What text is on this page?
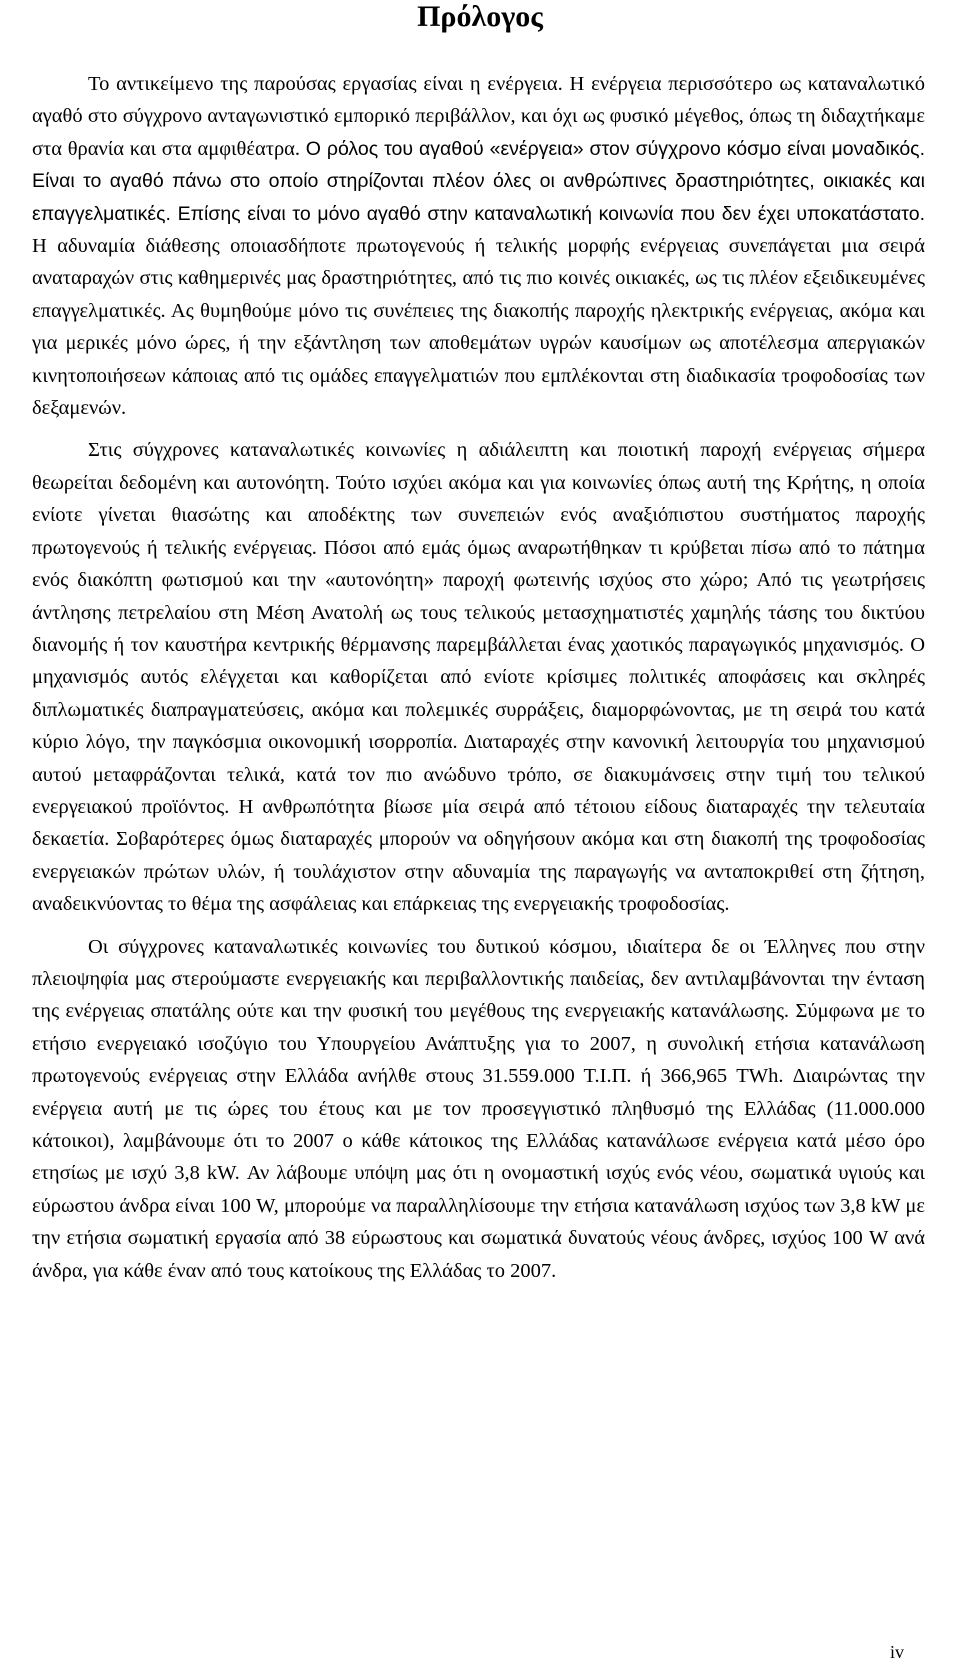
Πρόλογος

Το αντικείμενο της παρούσας εργασίας είναι η ενέργεια. Η ενέργεια περισσότερο ως καταναλωτικό αγαθό στο σύγχρονο ανταγωνιστικό εμπορικό περιβάλλον, και όχι ως φυσικό μέγεθος, όπως τη διδαχτήκαμε στα θρανία και στα αμφιθέατρα. Ο ρόλος του αγαθού «ενέργεια» στον σύγχρονο κόσμο είναι μοναδικός. Είναι το αγαθό πάνω στο οποίο στηρίζονται πλέον όλες οι ανθρώπινες δραστηριότητες, οικιακές και επαγγελματικές. Επίσης είναι το μόνο αγαθό στην καταναλωτική κοινωνία που δεν έχει υποκατάστατο. Η αδυναμία διάθεσης οποιασδήποτε πρωτογενούς ή τελικής μορφής ενέργειας συνεπάγεται μια σειρά αναταραχών στις καθημερινές μας δραστηριότητες, από τις πιο κοινές οικιακές, ως τις πλέον εξειδικευμένες επαγγελματικές. Ας θυμηθούμε μόνο τις συνέπειες της διακοπής παροχής ηλεκτρικής ενέργειας, ακόμα και για μερικές μόνο ώρες, ή την εξάντληση των αποθεμάτων υγρών καυσίμων ως αποτέλεσμα απεργιακών κινητοποιήσεων κάποιας από τις ομάδες επαγγελματιών που εμπλέκονται στη διαδικασία τροφοδοσίας των δεξαμενών.

Στις σύγχρονες καταναλωτικές κοινωνίες η αδιάλειπτη και ποιοτική παροχή ενέργειας σήμερα θεωρείται δεδομένη και αυτονόητη. Τούτο ισχύει ακόμα και για κοινωνίες όπως αυτή της Κρήτης, η οποία ενίοτε γίνεται θιασώτης και αποδέκτης των συνεπειών ενός αναξιόπιστου συστήματος παροχής πρωτογενούς ή τελικής ενέργειας. Πόσοι από εμάς όμως αναρωτήθηκαν τι κρύβεται πίσω από το πάτημα ενός διακόπτη φωτισμού και την «αυτονόητη» παροχή φωτεινής ισχύος στο χώρο; Από τις γεωτρήσεις άντλησης πετρελαίου στη Μέση Ανατολή ως τους τελικούς μετασχηματιστές χαμηλής τάσης του δικτύου διανομής ή τον καυστήρα κεντρικής θέρμανσης παρεμβάλλεται ένας χαοτικός παραγωγικός μηχανισμός. Ο μηχανισμός αυτός ελέγχεται και καθορίζεται από ενίοτε κρίσιμες πολιτικές αποφάσεις και σκληρές διπλωματικές διαπραγματεύσεις, ακόμα και πολεμικές συρράξεις, διαμορφώνοντας, με τη σειρά του κατά κύριο λόγο, την παγκόσμια οικονομική ισορροπία. Διαταραχές στην κανονική λειτουργία του μηχανισμού αυτού μεταφράζονται τελικά, κατά τον πιο ανώδυνο τρόπο, σε διακυμάνσεις στην τιμή του τελικού ενεργειακού προϊόντος. Η ανθρωπότητα βίωσε μία σειρά από τέτοιου είδους διαταραχές την τελευταία δεκαετία. Σοβαρότερες όμως διαταραχές μπορούν να οδηγήσουν ακόμα και στη διακοπή της τροφοδοσίας ενεργειακών πρώτων υλών, ή τουλάχιστον στην αδυναμία της παραγωγής να ανταποκριθεί στη ζήτηση, αναδεικνύοντας το θέμα της ασφάλειας και επάρκειας της ενεργειακής τροφοδοσίας.

Οι σύγχρονες καταναλωτικές κοινωνίες του δυτικού κόσμου, ιδιαίτερα δε οι Έλληνες που στην πλειοψηφία μας στερούμαστε ενεργειακής και περιβαλλοντικής παιδείας, δεν αντιλαμβάνονται την ένταση της ενέργειας σπατάλης ούτε και την φυσική του μεγέθους της ενεργειακής κατανάλωσης. Σύμφωνα με το ετήσιο ενεργειακό ισοζύγιο του Υπουργείου Ανάπτυξης για το 2007, η συνολική ετήσια κατανάλωση πρωτογενούς ενέργειας στην Ελλάδα ανήλθε στους 31.559.000 Τ.Ι.Π. ή 366,965 TWh. Διαιρώντας την ενέργεια αυτή με τις ώρες του έτους και με τον προσεγγιστικό πληθυσμό της Ελλάδας (11.000.000 κάτοικοι), λαμβάνουμε ότι το 2007 ο κάθε κάτοικος της Ελλάδας κατανάλωσε ενέργεια κατά μέσο όρο ετησίως με ισχύ 3,8 kW. Αν λάβουμε υπόψη μας ότι η ονομαστική ισχύς ενός νέου, σωματικά υγιούς και εύρωστου άνδρα είναι 100 W, μπορούμε να παραλληλίσουμε την ετήσια κατανάλωση ισχύος των 3,8 kW με την ετήσια σωματική εργασία από 38 εύρωστους και σωματικά δυνατούς νέους άνδρες, ισχύος 100 W ανά άνδρα, για κάθε έναν από τους κατοίκους της Ελλάδας το 2007.

iv
